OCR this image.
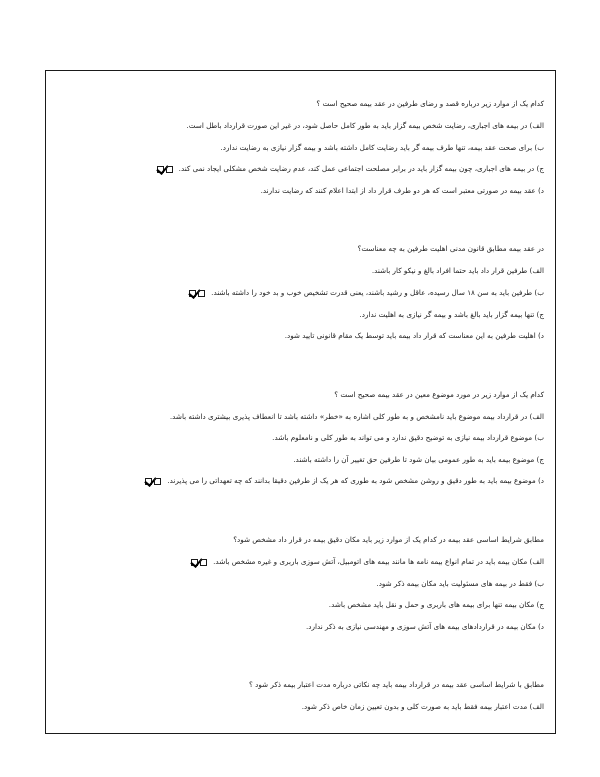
کدام یک از موارد زیر درباره قصد و رضای طرفین در عقد بیمه صحیح است ؟
الف) در بیمه های اجباری، رضایت شخص بیمه گزار باید به طور کامل حاصل شود، در غیر این صورت قرارداد باطل است.
ب) برای صحت عقد بیمه، تنها طرف بیمه گر باید رضایت کامل داشته باشد و بیمه گزار نیازی به رضایت ندارد.
ج) در بیمه های اجباری، چون بیمه گزار باید در برابر مصلحت اجتماعی عمل کند، عدم رضایت شخص مشکلی ایجاد نمی کند.
د) عقد بیمه در صورتی معتبر است که هر دو طرف قرار داد از ابتدا اعلام کنند که رضایت ندارند.
در عقد بیمه مطابق قانون مدنی اهلیت طرفین به چه معناست؟
الف) طرفین قرار داد باید حتما افراد بالغ و نیکو کار باشند.
ب) طرفین باید به سن ۱۸ سال رسیده، عاقل و رشید باشند، یعنی قدرت تشخیص خوب و بد خود را داشته باشند.
ج) تنها بیمه گزار باید بالغ باشد و بیمه گر نیازی به اهلیت ندارد.
د) اهلیت طرفین به این معناست که قرار داد بیمه باید توسط یک مقام قانونی تایید شود.
کدام یک از موارد زیر در مورد موضوع معین در عقد بیمه صحیح است ؟
الف) در قرارداد بیمه موضوع باید نامشخص و به طور کلی اشاره به «خطر» داشته باشد تا انعطاف پذیری بیشتری داشته باشد.
ب) موضوع قرارداد بیمه نیازی به توضیح دقیق ندارد و می تواند به طور کلی و نامعلوم باشد.
ج) موضوع بیمه باید به طور عمومی بیان شود تا طرفین حق تغییر آن را داشته باشند.
د) موضوع بیمه باید به طور دقیق و روشن مشخص شود به طوری که هر یک از طرفین دقیقا بدانند که چه تعهداتی را می پذیرند.
مطابق شرایط اساسی عقد بیمه در کدام یک از موارد زیر باید مکان دقیق بیمه در قرار داد مشخص شود؟
الف) مکان بیمه باید در تمام انواع بیمه نامه ها مانند بیمه های اتومبیل، آتش سوزی باربری و غیره مشخص باشد.
ب) فقط در بیمه های مسئولیت باید مکان بیمه ذکر شود.
ج) مکان بیمه تنها برای بیمه های باربری و حمل و نقل باید مشخص باشد.
د) مکان بیمه در قراردادهای بیمه های آتش سوزی و مهندسی نیازی به ذکر ندارد.
مطابق با شرایط اساسی عقد بیمه در قرارداد بیمه باید چه نکاتی درباره مدت اعتبار بیمه ذکر شود ؟
الف) مدت اعتبار بیمه فقط باید به صورت کلی و بدون تعیین زمان خاص ذکر شود.
